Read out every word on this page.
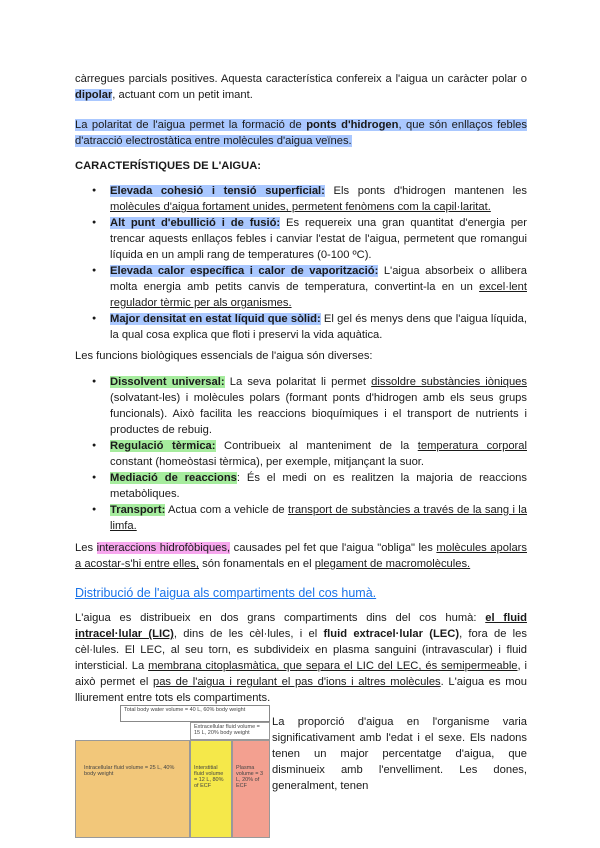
càrregues parcials positives. Aquesta característica confereix a l'aigua un caràcter polar o dipolar, actuant com un petit imant.

La polaritat de l'aigua permet la formació de ponts d'hidrogen, que són enllaços febles d'atracció electrostàtica entre molècules d'aigua veïnes.

CARACTERÍSTIQUES DE L'AIGUA:

● Elevada cohesió i tensió superficial: Els ponts d'hidrogen mantenen les molècules d'aigua fortament unides, permetent fenòmens com la capil·laritat.
● Alt punt d'ebullició i de fusió: Es requereix una gran quantitat d'energia per trencar aquests enllaços febles i canviar l'estat de l'aigua, permetent que romangui líquida en un ampli rang de temperatures (0-100 ºC).
● Elevada calor específica i calor de vaporització: L'aigua absorbeix o allibera molta energia amb petits canvis de temperatura, convertint-la en un excel·lent regulador tèrmic per als organismes.
● Major densitat en estat líquid que sòlid: El gel és menys dens que l'aigua líquida, la qual cosa explica que floti i preservi la vida aquàtica.

Les funcions biològiques essencials de l'aigua són diverses:

● Dissolvent universal: La seva polaritat li permet dissoldre substàncies iòniques (solvatant-les) i molècules polars (formant ponts d'hidrogen amb els seus grups funcionals). Això facilita les reaccions bioquímiques i el transport de nutrients i productes de rebuig.
● Regulació tèrmica: Contribueix al manteniment de la temperatura corporal constant (homeòstasi tèrmica), per exemple, mitjançant la suor.
● Mediació de reaccions: És el medi on es realitzen la majoria de reaccions metabòliques.
● Transport: Actua com a vehicle de transport de substàncies a través de la sang i la limfa.

Les interaccions hidrofòbiques, causades pel fet que l'aigua "obliga" les molècules apolars a acostar-s'hi entre elles, són fonamentals en el plegament de macromolècules.

Distribució de l'aigua als compartiments del cos humà.

L'aigua es distribueix en dos grans compartiments dins del cos humà: el fluid intracel·lular (LIC), dins de les cèl·lules, i el fluid extracel·lular (LEC), fora de les cèl·lules. El LEC, al seu torn, es subdivideix en plasma sanguini (intravascular) i fluid intersticial. La membrana citoplasmàtica, que separa el LIC del LEC, és semipermeable, i això permet el pas de l'aigua i regulant el pas d'ions i altres molècules. L'aigua es mou lliurement entre tots els compartiments.

Total body water volume = 40 L, 60% body weight
Extracellular fluid volume = 15 L, 20% body weight
Intracellular fluid volume = 25 L, 40% body weight
Interstitial fluid volume = 12 L, 80% of ECF
Plasma volume = 3 L, 20% of ECF

La proporció d'aigua en l'organisme varia significativament amb l'edat i el sexe. Els nadons tenen un major percentatge d'aigua, que disminueix amb l'envelliment. Les dones, generalment, tenen
